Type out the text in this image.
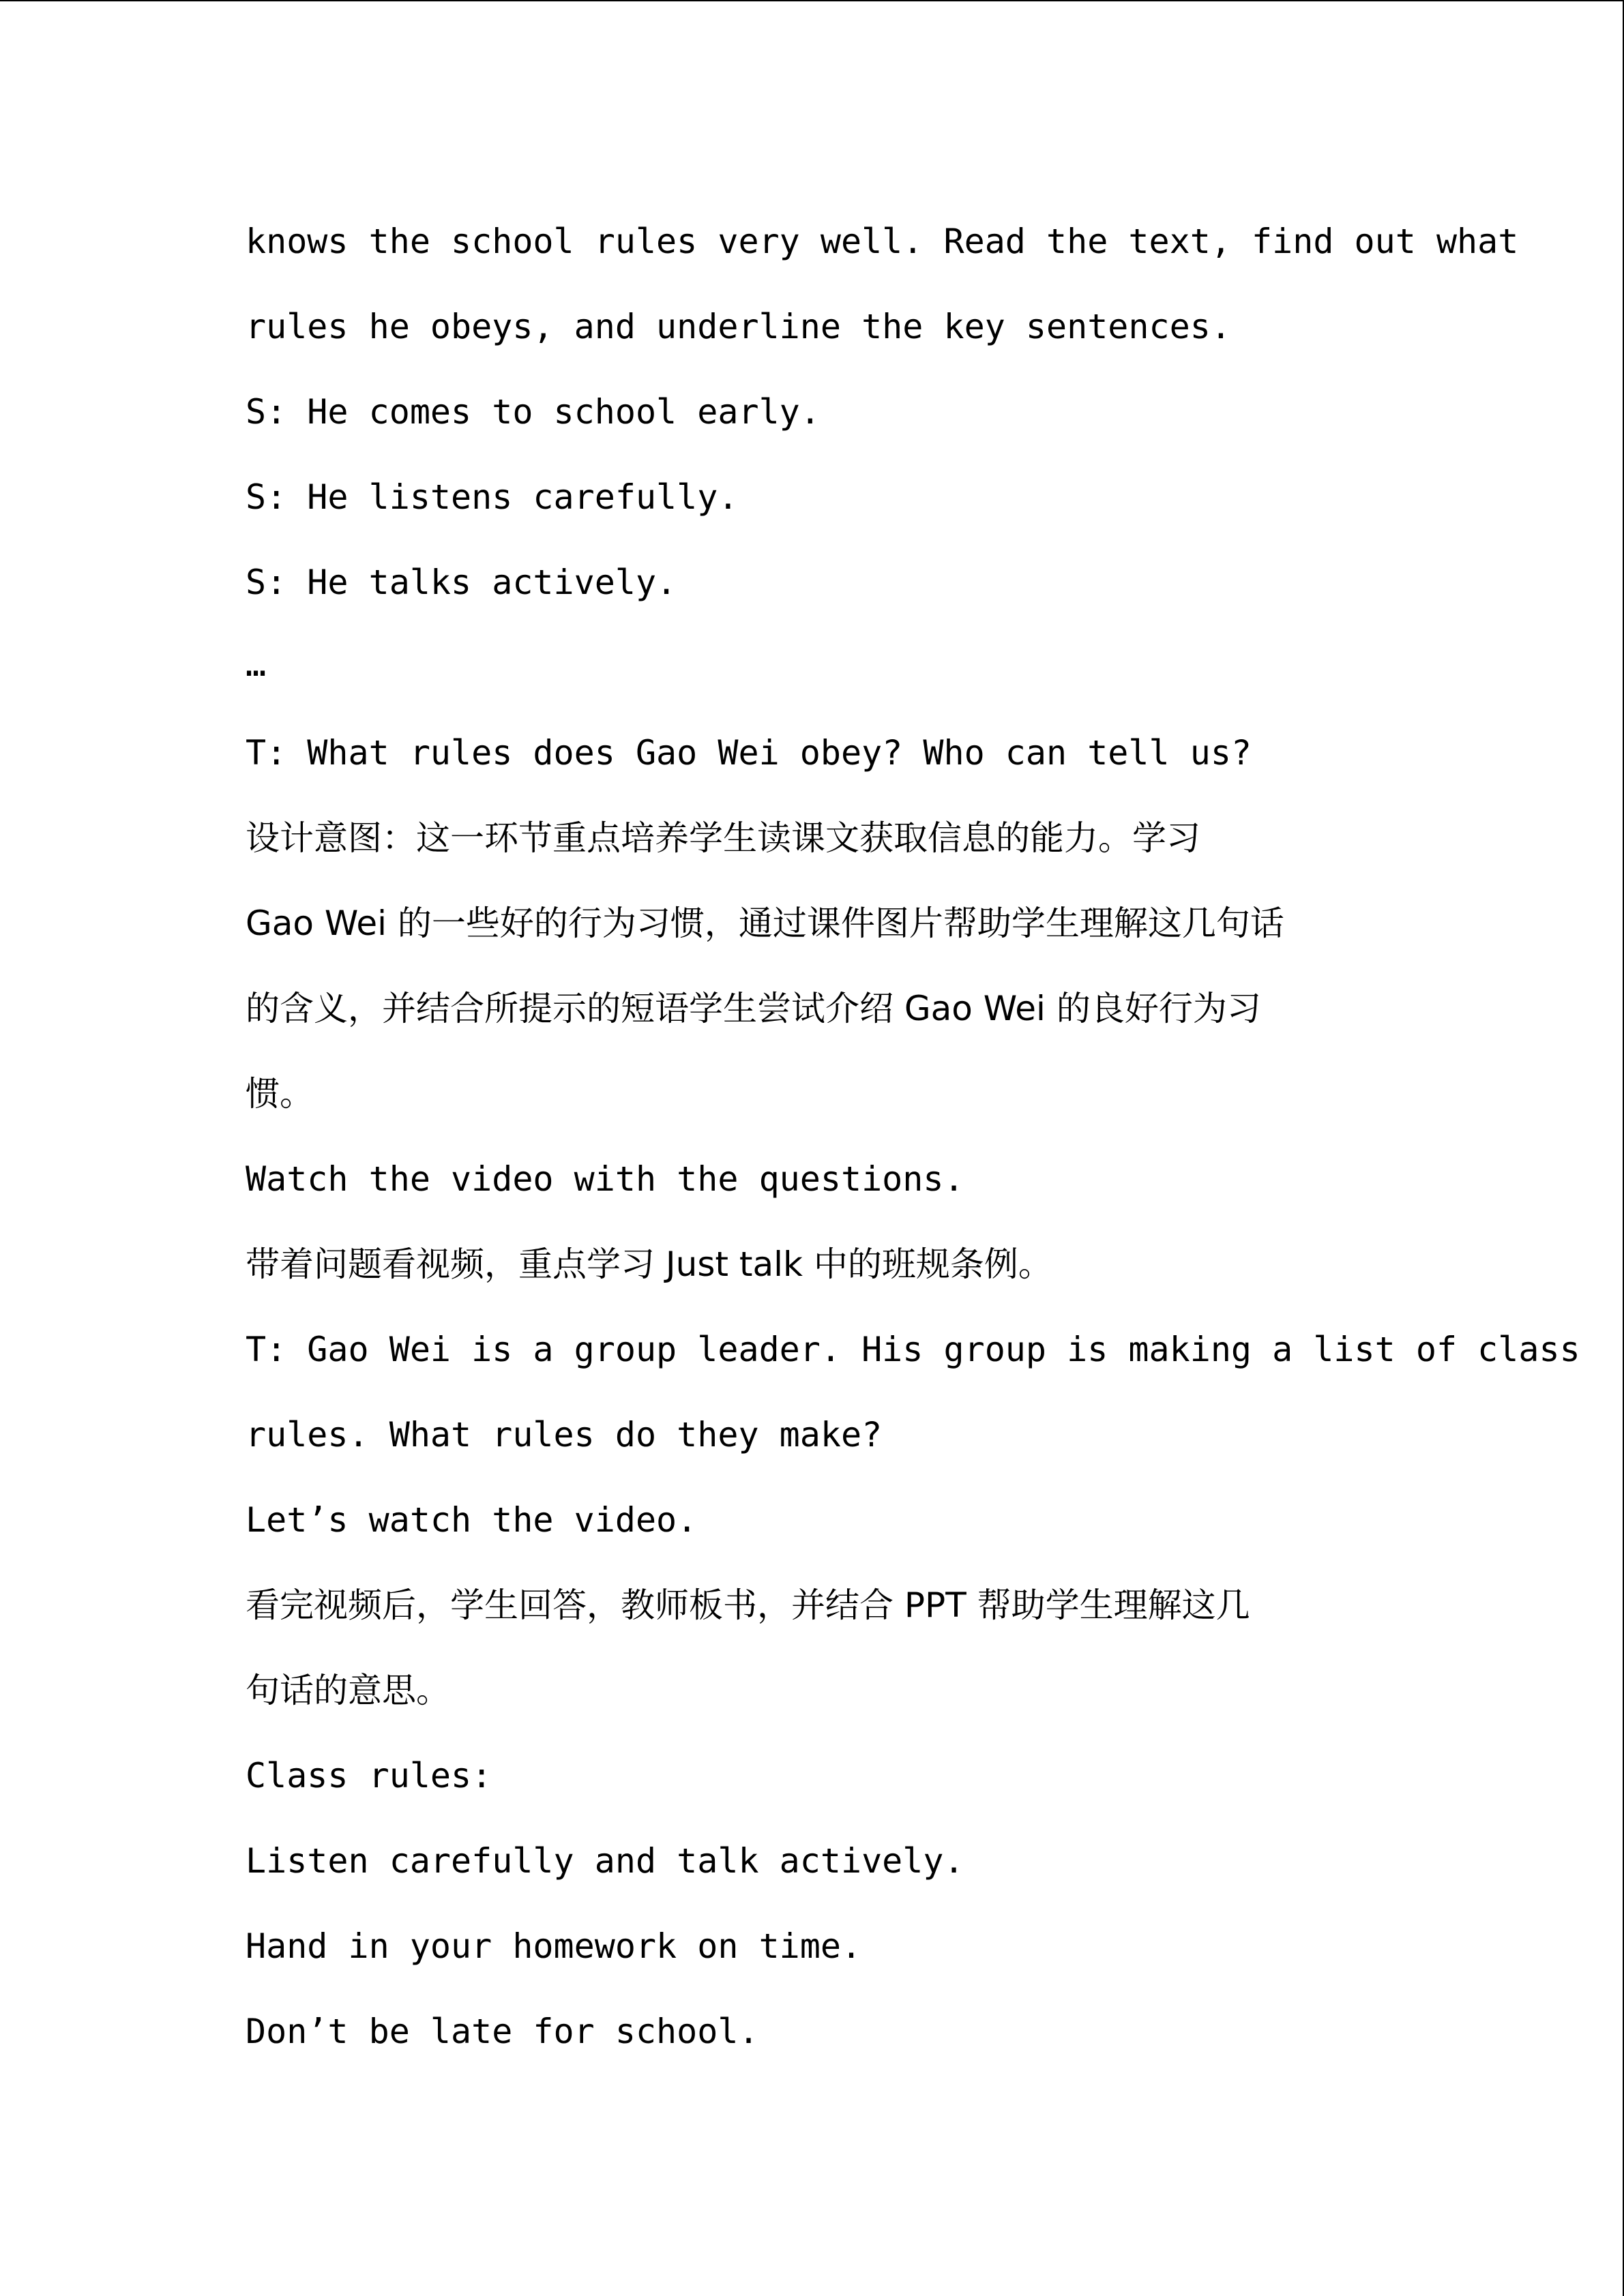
knows the school rules very well. Read the text, find out what
rules he obeys, and underline the key sentences.
S: He comes to school early.
S: He listens carefully.
S: He talks actively.
…
T: What rules does Gao Wei obey? Who can tell us?
设计意图：这一环节重点培养学生读课文获取信息的能力。学习
Gao Wei 的一些好的行为习惯，通过课件图片帮助学生理解这几句话
的含义，并结合所提示的短语学生尝试介绍 Gao Wei 的良好行为习
惯。
Watch the video with the questions.
带着问题看视频，重点学习 Just talk 中的班规条例。
T: Gao Wei is a group leader. His group is making a list of class
rules. What rules do they make?
Let’s watch the video.
看完视频后，学生回答，教师板书，并结合 PPT 帮助学生理解这几
句话的意思。
Class rules:
Listen carefully and talk actively.
Hand in your homework on time.
Don’t be late for school.
